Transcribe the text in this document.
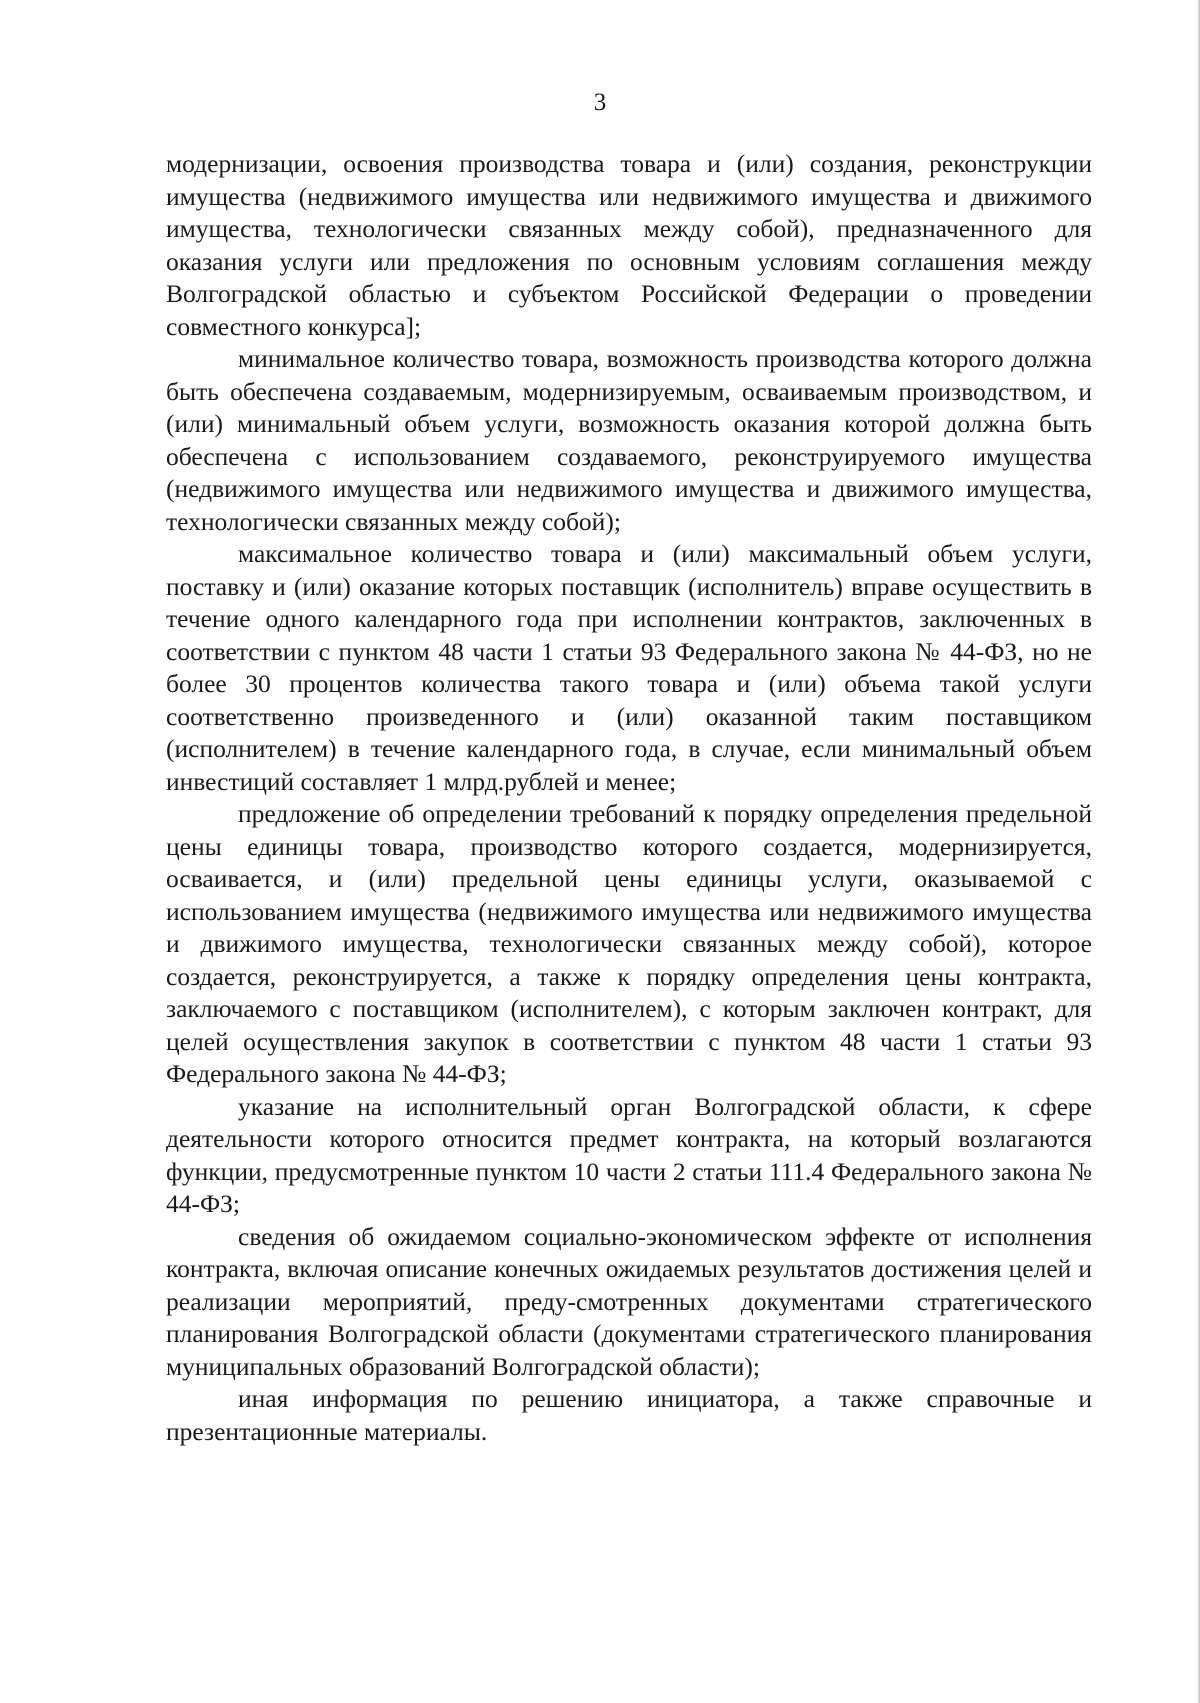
3

модернизации, освоения производства товара и (или) создания, реконструкции имущества (недвижимого имущества или недвижимого имущества и движимого имущества, технологически связанных между собой), предназначенного для оказания услуги или предложения по основным условиям соглашения между Волгоградской областью и субъектом Российской Федерации о проведении совместного конкурса];

минимальное количество товара, возможность производства которого должна быть обеспечена создаваемым, модернизируемым, осваиваемым производством, и (или) минимальный объем услуги, возможность оказания которой должна быть обеспечена с использованием создаваемого, реконструируемого имущества (недвижимого имущества или недвижимого имущества и движимого имущества, технологически связанных между собой);

максимальное количество товара и (или) максимальный объем услуги, поставку и (или) оказание которых поставщик (исполнитель) вправе осуществить в течение одного календарного года при исполнении контрактов, заключенных в соответствии с пунктом 48 части 1 статьи 93 Федерального закона № 44-ФЗ, но не более 30 процентов количества такого товара и (или) объема такой услуги соответственно произведенного и (или) оказанной таким поставщиком (исполнителем) в течение календарного года, в случае, если минимальный объем инвестиций составляет 1 млрд.рублей и менее;

предложение об определении требований к порядку определения предельной цены единицы товара, производство которого создается, модернизируется, осваивается, и (или) предельной цены единицы услуги, оказываемой с использованием имущества (недвижимого имущества или недвижимого имущества и движимого имущества, технологически связанных между собой), которое создается, реконструируется, а также к порядку определения цены контракта, заключаемого с поставщиком (исполнителем), с которым заключен контракт, для целей осуществления закупок в соответствии с пунктом 48 части 1 статьи 93 Федерального закона № 44-ФЗ;

указание на исполнительный орган Волгоградской области, к сфере деятельности которого относится предмет контракта, на который возлагаются функции, предусмотренные пунктом 10 части 2 статьи 111.4 Федерального закона № 44-ФЗ;

сведения об ожидаемом социально-экономическом эффекте от исполнения контракта, включая описание конечных ожидаемых результатов достижения целей и реализации мероприятий, преду-смотренных документами стратегического планирования Волгоградской области (документами стратегического планирования муниципальных образований Волгоградской области);

иная информация по решению инициатора, а также справочные и презентационные материалы.
